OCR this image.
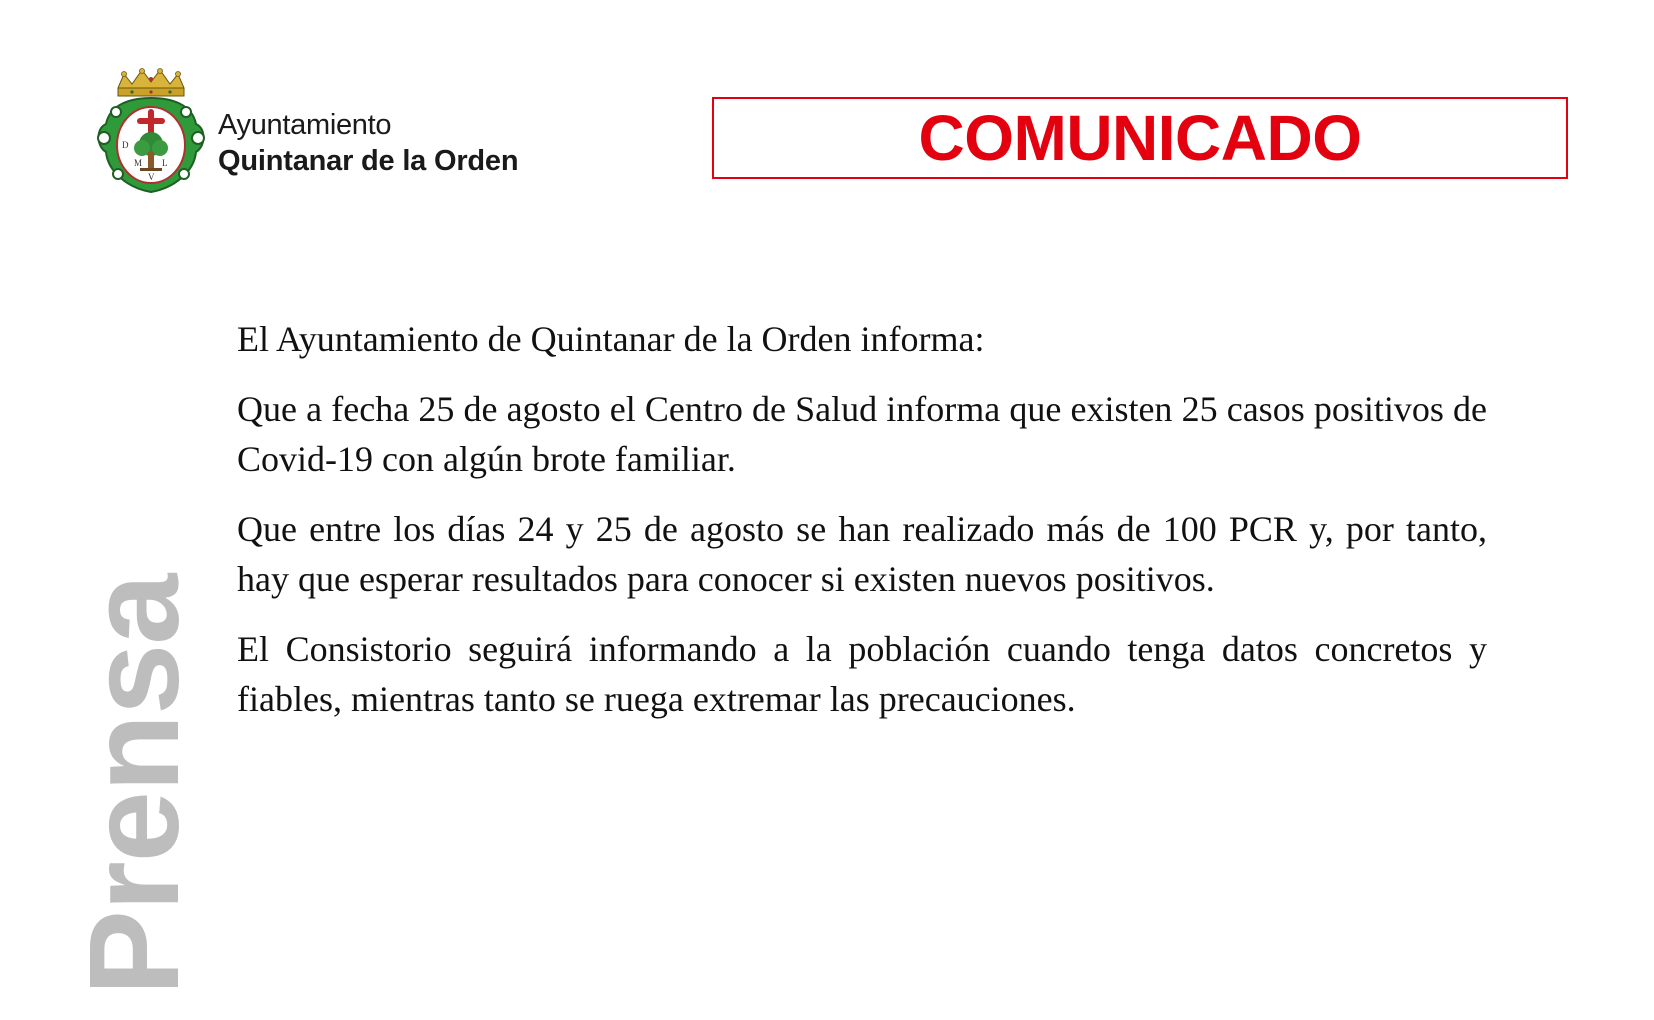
D
M L
V
Ayuntamiento
Quintanar de la Orden	COMUNICADO

El Ayuntamiento de Quintanar de la Orden informa:

Que a fecha 25 de agosto el Centro de Salud informa que existen 25 casos positivos de Covid-19 con algún brote familiar.

Que entre los días 24 y 25 de agosto se han realizado más de 100 PCR y, por tanto, hay que esperar resultados para conocer si existen nuevos positivos.

El Consistorio seguirá informando a la población cuando tenga datos concretos y fiables, mientras tanto se ruega extremar las precauciones.

Prensa
